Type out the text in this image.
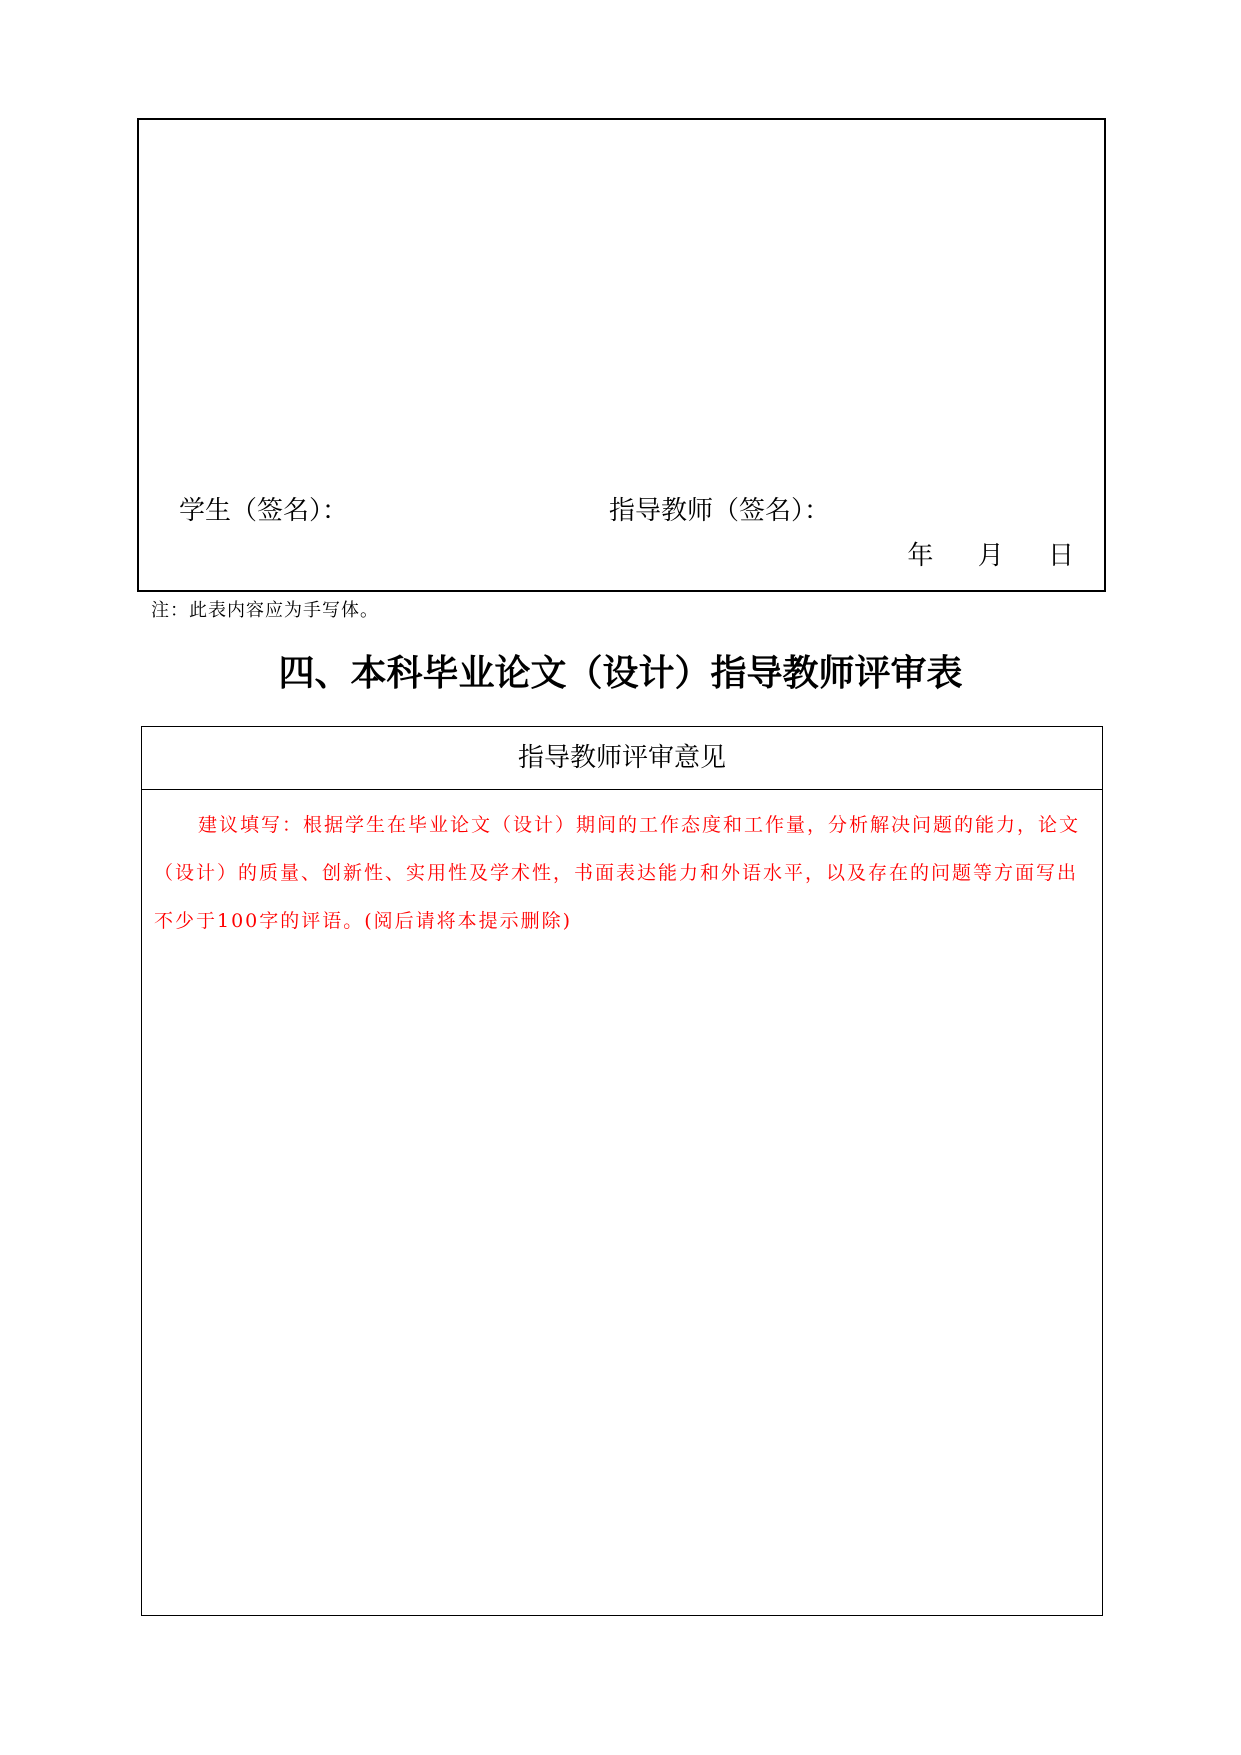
学生（签名）：	指导教师（签名）：
年 月 日
注：此表内容应为手写体。
四、本科毕业论文（设计）指导教师评审表
指导教师评审意见

建议填写：根据学生在毕业论文（设计）期间的工作态度和工作量，分析解决问题的能力，论文（设计）的质量、创新性、实用性及学术性，书面表达能力和外语水平，以及存在的问题等方面写出不少于100字的评语。(阅后请将本提示删除)
